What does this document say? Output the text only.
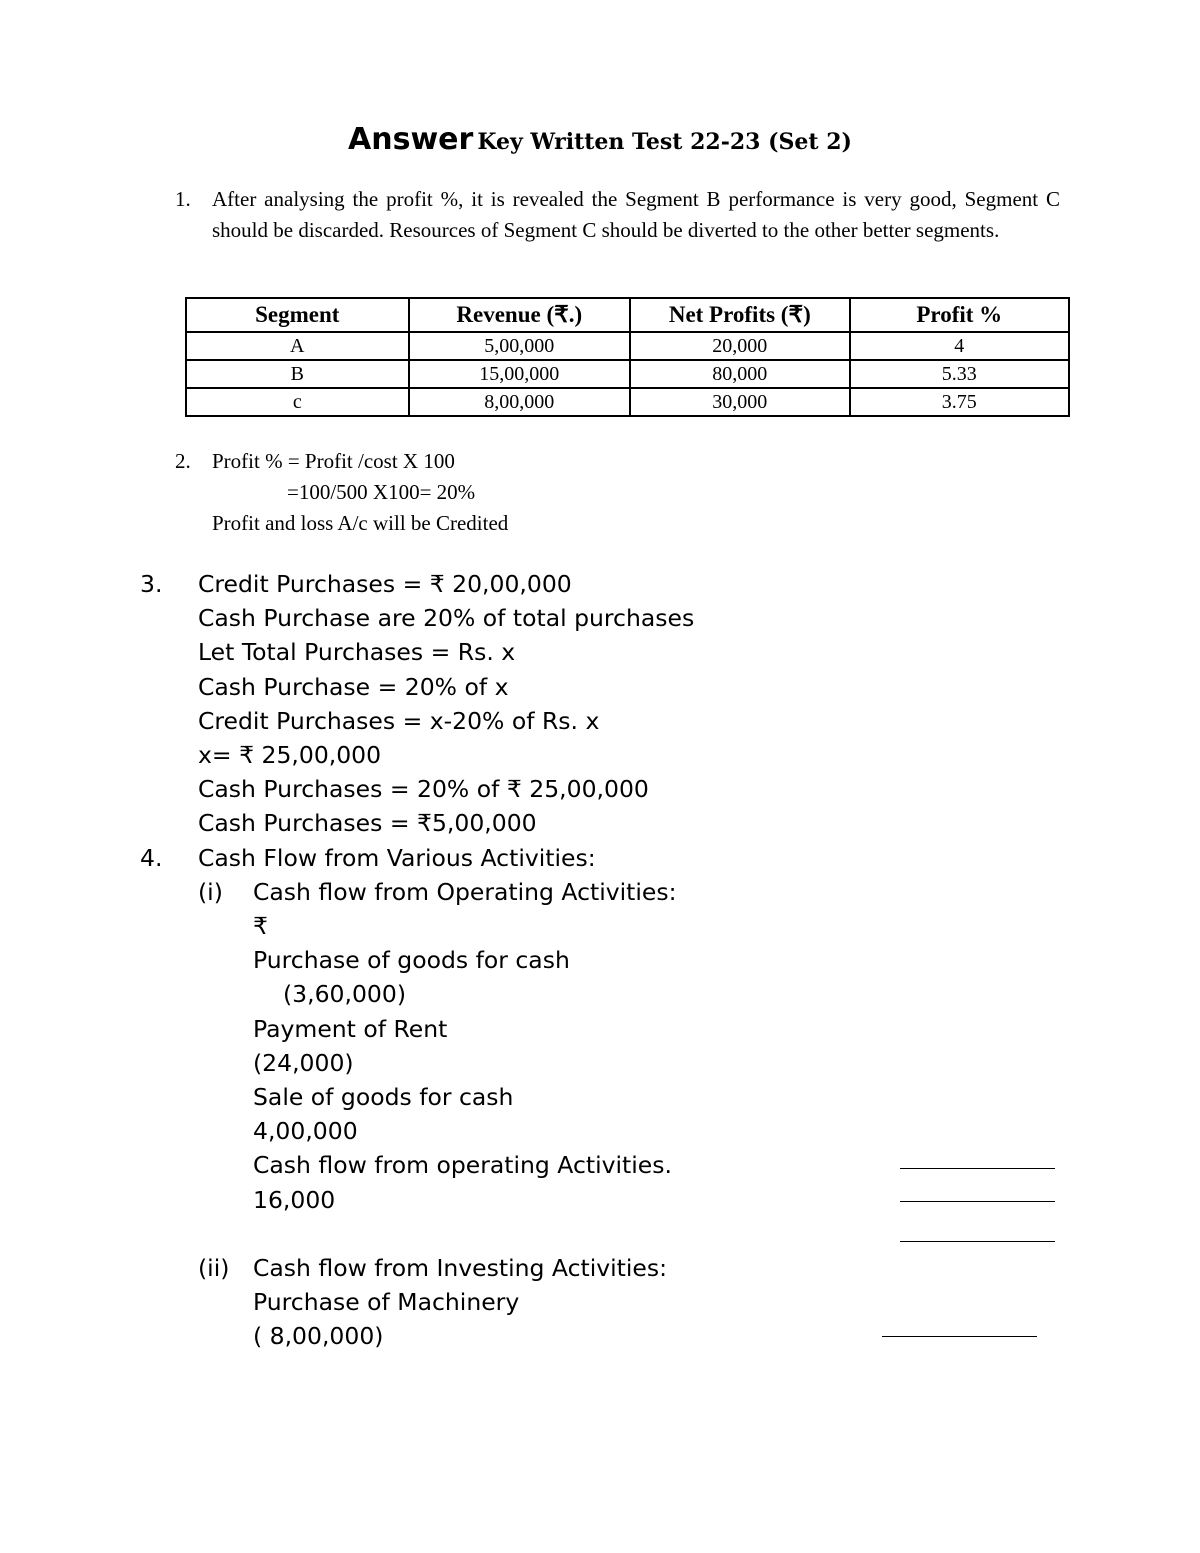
Answer Key Written Test 22-23 (Set 2)
1. After analysing the profit %, it is revealed the Segment B performance is very good, Segment C should be discarded. Resources of Segment C should be diverted to the other better segments.
Segment	Revenue (₹.)	Net Profits (₹)	Profit %
A	5,00,000	20,000	4
B	15,00,000	80,000	5.33
c	8,00,000	30,000	3.75
2. Profit % = Profit /cost X 100
=100/500 X100= 20%
Profit and loss A/c will be Credited
3. Credit Purchases = ₹ 20,00,000
Cash Purchase are 20% of total purchases
Let Total Purchases = Rs. x
Cash Purchase = 20% of x
Credit Purchases = x-20% of Rs. x
x= ₹ 25,00,000
Cash Purchases = 20% of ₹ 25,00,000
Cash Purchases = ₹5,00,000
4. Cash Flow from Various Activities:
(i) Cash flow from Operating Activities:
₹
Purchase of goods for cash
(3,60,000)
Payment of Rent
(24,000)
Sale of goods for cash
4,00,000
Cash flow from operating Activities.
16,000

(ii) Cash flow from Investing Activities:
Purchase of Machinery
( 8,00,000)
